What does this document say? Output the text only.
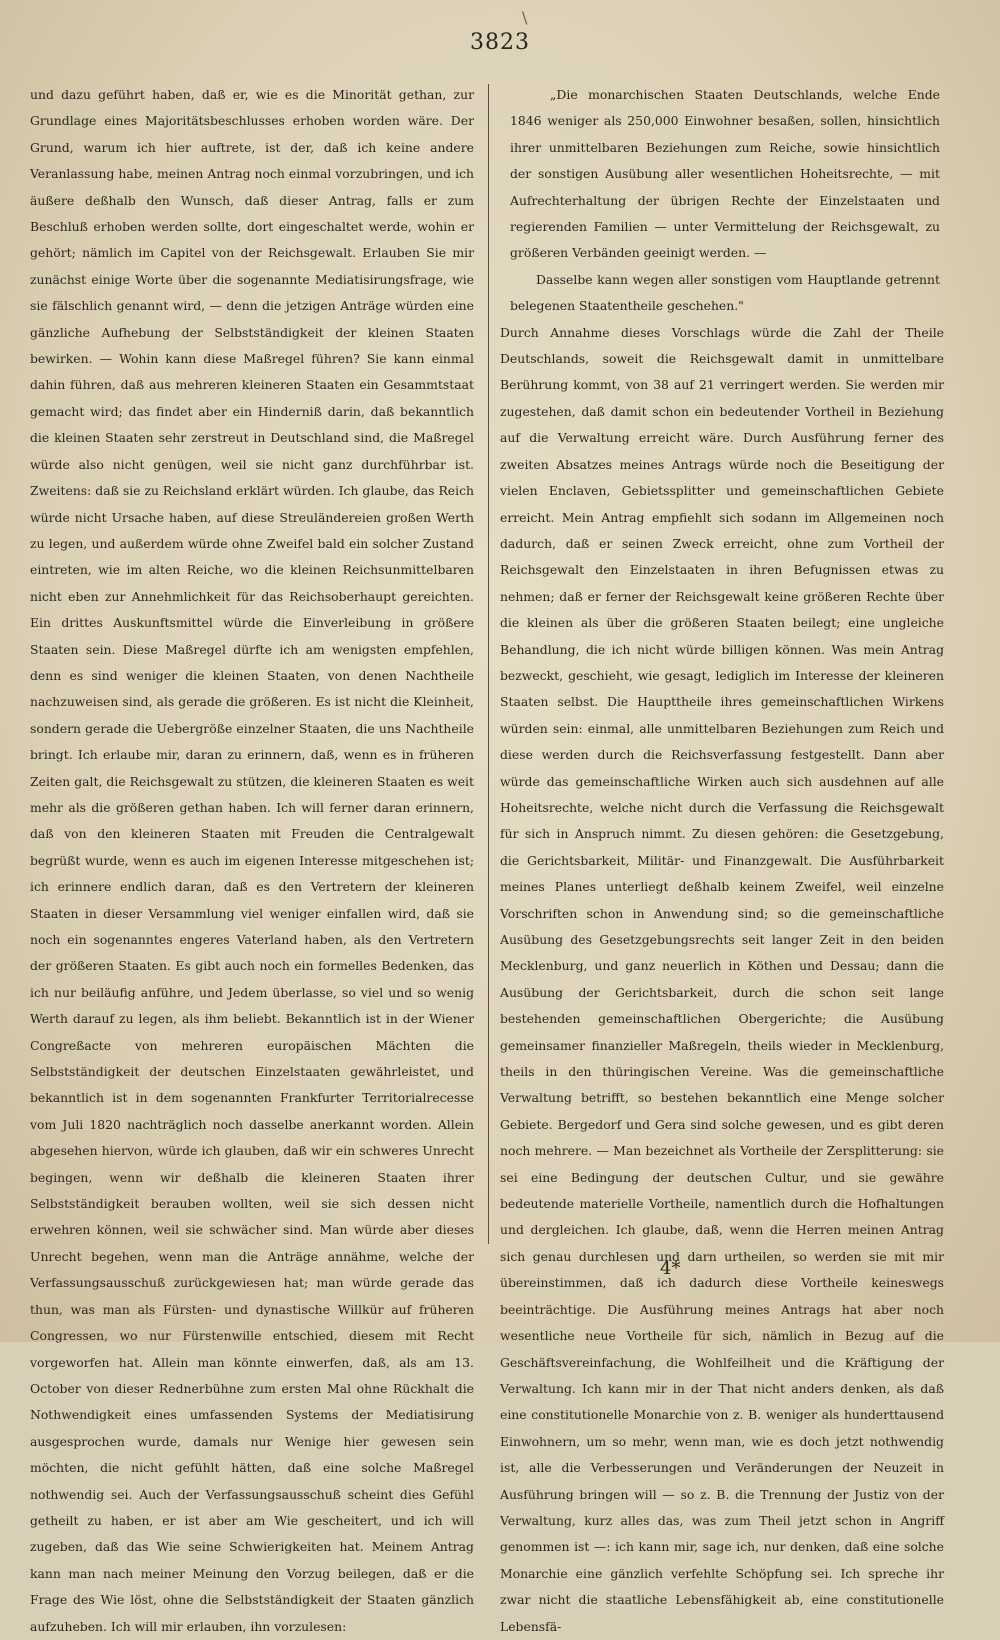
\
3823

und dazu geführt haben, daß er, wie es die Minorität gethan, zur Grundlage eines Majoritätsbeschlusses erhoben worden wäre. Der Grund, warum ich hier auftrete, ist der, daß ich keine andere Veranlassung habe, meinen Antrag noch einmal vorzubringen, und ich äußere deßhalb den Wunsch, daß dieser Antrag, falls er zum Beschluß erhoben werden sollte, dort eingeschaltet werde, wohin er gehört; nämlich im Capitel von der Reichsgewalt. Erlauben Sie mir zunächst einige Worte über die sogenannte Mediatisirungsfrage, wie sie fälschlich genannt wird, — denn die jetzigen Anträge würden eine gänzliche Aufhebung der Selbstständigkeit der kleinen Staaten bewirken. — Wohin kann diese Maßregel führen? Sie kann einmal dahin führen, daß aus mehreren kleineren Staaten ein Gesammtstaat gemacht wird; das findet aber ein Hinderniß darin, daß bekanntlich die kleinen Staaten sehr zerstreut in Deutschland sind, die Maßregel würde also nicht genügen, weil sie nicht ganz durchführbar ist. Zweitens: daß sie zu Reichsland erklärt würden. Ich glaube, das Reich würde nicht Ursache haben, auf diese Streuländereien großen Werth zu legen, und außerdem würde ohne Zweifel bald ein solcher Zustand eintreten, wie im alten Reiche, wo die kleinen Reichsunmittelbaren nicht eben zur Annehmlichkeit für das Reichsoberhaupt gereichten. Ein drittes Auskunftsmittel würde die Einverleibung in größere Staaten sein. Diese Maßregel dürfte ich am wenigsten empfehlen, denn es sind weniger die kleinen Staaten, von denen Nachtheile nachzuweisen sind, als gerade die größeren. Es ist nicht die Kleinheit, sondern gerade die Uebergröße einzelner Staaten, die uns Nachtheile bringt. Ich erlaube mir, daran zu erinnern, daß, wenn es in früheren Zeiten galt, die Reichsgewalt zu stützen, die kleineren Staaten es weit mehr als die größeren gethan haben. Ich will ferner daran erinnern, daß von den kleineren Staaten mit Freuden die Centralgewalt begrüßt wurde, wenn es auch im eigenen Interesse mitgeschehen ist; ich erinnere endlich daran, daß es den Vertretern der kleineren Staaten in dieser Versammlung viel weniger einfallen wird, daß sie noch ein sogenanntes engeres Vaterland haben, als den Vertretern der größeren Staaten. Es gibt auch noch ein formelles Bedenken, das ich nur beiläufig anführe, und Jedem überlasse, so viel und so wenig Werth darauf zu legen, als ihm beliebt. Bekanntlich ist in der Wiener Congreßacte von mehreren europäischen Mächten die Selbstständigkeit der deutschen Einzelstaaten gewährleistet, und bekanntlich ist in dem sogenannten Frankfurter Territorialrecesse vom Juli 1820 nachträglich noch dasselbe anerkannt worden. Allein abgesehen hiervon, würde ich glauben, daß wir ein schweres Unrecht begingen, wenn wir deßhalb die kleineren Staaten ihrer Selbstständigkeit berauben wollten, weil sie sich dessen nicht erwehren können, weil sie schwächer sind. Man würde aber dieses Unrecht begehen, wenn man die Anträge annähme, welche der Verfassungsausschuß zurückgewiesen hat; man würde gerade das thun, was man als Fürsten- und dynastische Willkür auf früheren Congressen, wo nur Fürstenwille entschied, diesem mit Recht vorgeworfen hat. Allein man könnte einwerfen, daß, als am 13. October von dieser Rednerbühne zum ersten Mal ohne Rückhalt die Nothwendigkeit eines umfassenden Systems der Mediatisirung ausgesprochen wurde, damals nur Wenige hier gewesen sein möchten, die nicht gefühlt hätten, daß eine solche Maßregel nothwendig sei. Auch der Verfassungsausschuß scheint dies Gefühl getheilt zu haben, er ist aber am Wie gescheitert, und ich will zugeben, daß das Wie seine Schwierigkeiten hat. Meinem Antrag kann man nach meiner Meinung den Vorzug beilegen, daß er die Frage des Wie löst, ohne die Selbstständigkeit der Staaten gänzlich aufzuheben. Ich will mir erlauben, ihn vorzulesen:

„Die monarchischen Staaten Deutschlands, welche Ende 1846 weniger als 250,000 Einwohner besaßen, sollen, hinsichtlich ihrer unmittelbaren Beziehungen zum Reiche, sowie hinsichtlich der sonstigen Ausübung aller wesentlichen Hoheitsrechte, — mit Aufrechterhaltung der übrigen Rechte der Einzelstaaten und regierenden Familien — unter Vermittelung der Reichsgewalt, zu größeren Verbänden geeinigt werden. —

Dasselbe kann wegen aller sonstigen vom Hauptlande getrennt belegenen Staatentheile geschehen."

Durch Annahme dieses Vorschlags würde die Zahl der Theile Deutschlands, soweit die Reichsgewalt damit in unmittelbare Berührung kommt, von 38 auf 21 verringert werden. Sie werden mir zugestehen, daß damit schon ein bedeutender Vortheil in Beziehung auf die Verwaltung erreicht wäre. Durch Ausführung ferner des zweiten Absatzes meines Antrags würde noch die Beseitigung der vielen Enclaven, Gebietssplitter und gemeinschaftlichen Gebiete erreicht. Mein Antrag empfiehlt sich sodann im Allgemeinen noch dadurch, daß er seinen Zweck erreicht, ohne zum Vortheil der Reichsgewalt den Einzelstaaten in ihren Befugnissen etwas zu nehmen; daß er ferner der Reichsgewalt keine größeren Rechte über die kleinen als über die größeren Staaten beilegt; eine ungleiche Behandlung, die ich nicht würde billigen können. Was mein Antrag bezweckt, geschieht, wie gesagt, lediglich im Interesse der kleineren Staaten selbst. Die Haupttheile ihres gemeinschaftlichen Wirkens würden sein: einmal, alle unmittelbaren Beziehungen zum Reich und diese werden durch die Reichsverfassung festgestellt. Dann aber würde das gemeinschaftliche Wirken auch sich ausdehnen auf alle Hoheitsrechte, welche nicht durch die Verfassung die Reichsgewalt für sich in Anspruch nimmt. Zu diesen gehören: die Gesetzgebung, die Gerichtsbarkeit, Militär- und Finanzgewalt. Die Ausführbarkeit meines Planes unterliegt deßhalb keinem Zweifel, weil einzelne Vorschriften schon in Anwendung sind; so die gemeinschaftliche Ausübung des Gesetzgebungsrechts seit langer Zeit in den beiden Mecklenburg, und ganz neuerlich in Köthen und Dessau; dann die Ausübung der Gerichtsbarkeit, durch die schon seit lange bestehenden gemeinschaftlichen Obergerichte; die Ausübung gemeinsamer finanzieller Maßregeln, theils wieder in Mecklenburg, theils in den thüringischen Vereine. Was die gemeinschaftliche Verwaltung betrifft, so bestehen bekanntlich eine Menge solcher Gebiete. Bergedorf und Gera sind solche gewesen, und es gibt deren noch mehrere. — Man bezeichnet als Vortheile der Zersplitterung: sie sei eine Bedingung der deutschen Cultur, und sie gewähre bedeutende materielle Vortheile, namentlich durch die Hofhaltungen und dergleichen. Ich glaube, daß, wenn die Herren meinen Antrag sich genau durchlesen und darn urtheilen, so werden sie mit mir übereinstimmen, daß ich dadurch diese Vortheile keineswegs beeinträchtige. Die Ausführung meines Antrags hat aber noch wesentliche neue Vortheile für sich, nämlich in Bezug auf die Geschäftsvereinfachung, die Wohlfeilheit und die Kräftigung der Verwaltung. Ich kann mir in der That nicht anders denken, als daß eine constitutionelle Monarchie von z. B. weniger als hunderttausend Einwohnern, um so mehr, wenn man, wie es doch jetzt nothwendig ist, alle die Verbesserungen und Veränderungen der Neuzeit in Ausführung bringen will — so z. B. die Trennung der Justiz von der Verwaltung, kurz alles das, was zum Theil jetzt schon in Angriff genommen ist —: ich kann mir, sage ich, nur denken, daß eine solche Monarchie eine gänzlich verfehlte Schöpfung sei. Ich spreche ihr zwar nicht die staatliche Lebensfähigkeit ab, eine constitutionelle Lebensfä-

4*
